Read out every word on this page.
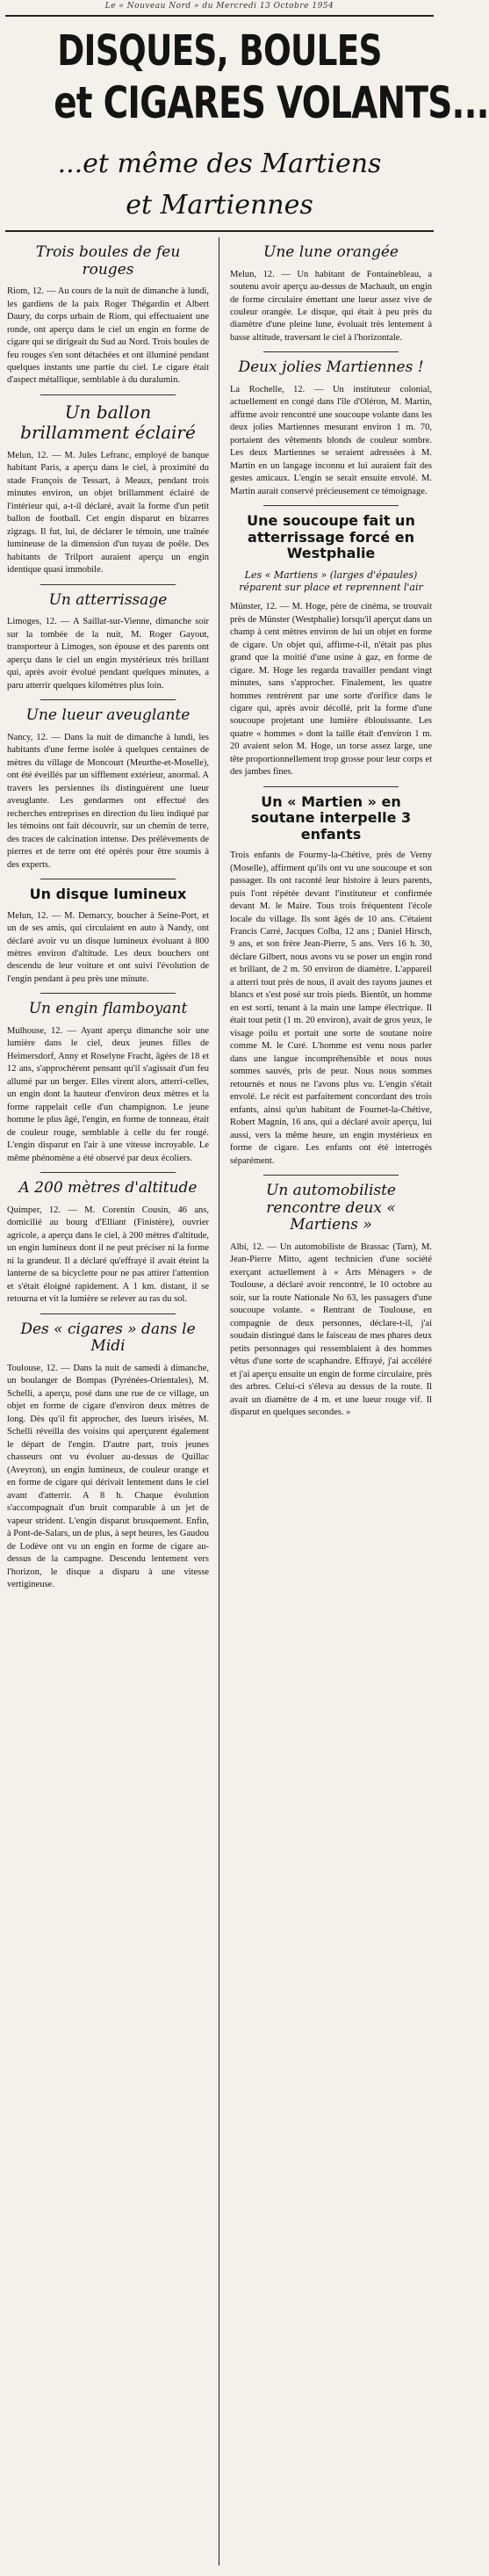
Le « Nouveau Nord » du Mercredi 13 Octobre 1954
DISQUES, BOULES
et CIGARES VOLANTS...
...et même des Martiens
et Martiennes
Trois boules de feu rouges
Riom, 12. — Au cours de la nuit de dimanche à lundi, les gardiens de la paix Roger Thégardin et Albert Daury, du corps urbain de Riom, qui effectuaient une ronde, ont aperçu dans le ciel un engin en forme de cigare qui se dirigeait du Sud au Nord. Trois boules de feu rouges s'en sont détachées et ont illuminé pendant quelques instants une partie du ciel. Le cigare était d'aspect métallique, semblable à du duralumin.
Un ballon brillamment éclairé
Melun, 12. — M. Jules Lefranc, employé de banque habitant Paris, a aperçu dans le ciel, à proximité du stade François de Tessart, à Meaux, pendant trois minutes environ, un objet brillamment éclairé de l'intérieur qui, a-t-il déclaré, avait la forme d'un petit ballon de football. Cet engin disparut en bizarres zigzags. Il fut, lui, de déclarer le témoin, une traînée lumineuse de la dimension d'un tuyau de poêle. Des habitants de Trilport auraient aperçu un engin identique quasi immobile.
Un atterrissage
Limoges, 12. — A Saillat-sur-Vienne, dimanche soir sur la tombée de la nuit, M. Roger Gayout, transporteur à Limoges, son épouse et des parents ont aperçu dans le ciel un engin mystérieux très brillant qui, après avoir évolué pendant quelques minutes, a paru atterrir quelques kilomètres plus loin.
Une lueur aveuglante
Nancy, 12. — Dans la nuit de dimanche à lundi, les habitants d'une ferme isolée à quelques centaines de mètres du village de Moncourt (Meurthe-et-Moselle), ont été éveillés par un sifflement extérieur, anormal. A travers les persiennes ils distinguèrent une lueur aveuglante. Les gendarmes ont effectué des recherches entreprises en direction du lieu indiqué par les témoins ont fait découvrir, sur un chemin de terre, des traces de calcination intense. Des prélèvements de pierres et de terre ont été opérés pour être soumis à des experts.
Un disque lumineux
Melun, 12. — M. Demarcy, boucher à Seine-Port, et un de ses amis, qui circulaient en auto à Nandy, ont déclaré avoir vu un disque lumineux évoluant à 800 mètres environ d'altitude. Les deux bouchers ont descendu de leur voiture et ont suivi l'évolution de l'engin pendant à peu près une minute.
Un engin flamboyant
Mulhouse, 12. — Ayant aperçu dimanche soir une lumière dans le ciel, deux jeunes filles de Heimersdorf, Anny et Roselyne Fracht, âgées de 18 et 12 ans, s'approchèrent pensant qu'il s'agissait d'un feu allumé par un berger. Elles virent alors, atterri-celles, un engin dont la hauteur d'environ deux mètres et la forme rappelait celle d'un champignon. Le jeune homme le plus âgé, l'engin, en forme de tonneau, était de couleur rouge, semblable à celle du fer rougé. L'engin disparut en l'air à une vitesse incroyable. Le même phénomène a été observé par deux écoliers.
A 200 mètres d'altitude
Quimper, 12. — M. Corentin Cousin, 46 ans, domicilié au bourg d'Elliant (Finistère), ouvrier agricole, a aperçu dans le ciel, à 200 mètres d'altitude, un engin lumineux dont il ne peut préciser ni la forme ni la grandeur. Il a déclaré qu'effrayé il avait éteint la lanterne de sa bicyclette pour ne pas attirer l'attention et s'était éloigné rapidement. A 1 km. distant, il se retourna et vit la lumière se relever au ras du sol.
Des « cigares » dans le Midi
Toulouse, 12. — Dans la nuit de samedi à dimanche, un boulanger de Bompas (Pyrénées-Orientales), M. Schelli, a aperçu, posé dans une rue de ce village, un objet en forme de cigare d'environ deux mètres de long. Dès qu'il fit approcher, des lueurs irisées, M. Schelli réveilla des voisins qui aperçurent également le départ de l'engin. D'autre part, trois jeunes chasseurs ont vu évoluer au-dessus de Quillac (Aveyron), un engin lumineux, de couleur orange et en forme de cigare qui dérivait lentement dans le ciel avant d'atterrir. A 8 h. Chaque évolution s'accompagnait d'un bruit comparable à un jet de vapeur strident. L'engin disparut brusquement. Enfin, à Pont-de-Salars, un de plus, à sept heures, les Gaudou de Lodève ont vu un engin en forme de cigare au-dessus de la campagne. Descendu lentement vers l'horizon, le disque a disparu à une vitesse vertigineuse.
Une lune orangée
Melun, 12. — Un habitant de Fontainebleau, a soutenu avoir aperçu au-dessus de Machault, un engin de forme circulaire émettant une lueur assez vive de couleur orangée. Le disque, qui était à peu près du diamètre d'une pleine lune, évoluait très lentement à basse altitude, traversant le ciel à l'horizontale.
Deux jolies Martiennes !
La Rochelle, 12. — Un instituteur colonial, actuellement en congé dans l'île d'Oléron, M. Martin, affirme avoir rencontré une soucoupe volante dans les deux jolies Martiennes mesurant environ 1 m. 70, portaient des vêtements blonds de couleur sombre. Les deux Martiennes se seraient adressées à M. Martin en un langage inconnu et lui auraient fait des gestes amicaux. L'engin se serait ensuite envolé. M. Martin aurait conservé précieusement ce témoignage.
Une soucoupe fait un atterrissage forcé en Westphalie
Les « Martiens » (larges d'épaules) réparent sur place et reprennent l'air
Münster, 12. — M. Hoge, père de cinéma, se trouvait près de Münster (Westphalie) lorsqu'il aperçut dans un champ à cent mètres environ de lui un objet en forme de cigare. Un objet qui, affirme-t-il, n'était pas plus grand que la moitié d'une usine à gaz, en forme de cigare. M. Hoge les regarda travailler pendant vingt minutes, sans s'approcher. Finalement, les quatre hommes rentrèrent par une sorte d'orifice dans le cigare qui, après avoir décollé, prit la forme d'une soucoupe projetant une lumière éblouissante. Les quatre « hommes » dont la taille était d'environ 1 m. 20 avaient selon M. Hoge, un torse assez large, une tête proportionnellement trop grosse pour leur corps et des jambes fines.
Un « Martien » en soutane interpelle 3 enfants
Trois enfants de Fourmy-la-Chétive, près de Verny (Moselle), affirment qu'ils ont vu une soucoupe et son passager. Ils ont raconté leur histoire à leurs parents, puis l'ont répétée devant l'instituteur et confirmée devant M. le Maire. Tous trois fréquentent l'école locale du village. Ils sont âgés de 10 ans. C'étaient Francis Carré, Jacques Colba, 12 ans ; Daniel Hirsch, 9 ans, et son frère Jean-Pierre, 5 ans. Vers 16 h. 30, déclare Gilbert, nous avons vu se poser un engin rond et brillant, de 2 m. 50 environ de diamètre. L'appareil a atterri tout près de nous, il avait des rayons jaunes et blancs et s'est posé sur trois pieds. Bientôt, un homme en est sorti, tenant à la main une lampe électrique. Il était tout petit (1 m. 20 environ), avait de gros yeux, le visage poilu et portait une sorte de soutane noire comme M. le Curé. L'homme est venu nous parler dans une langue incompréhensible et nous nous sommes sauvés, pris de peur. Nous nous sommes retournés et nous ne l'avons plus vu. L'engin s'était envolé. Le récit est parfaitement concordant des trois enfants, ainsi qu'un habitant de Fournet-la-Chétive, Robert Magnin, 16 ans, qui a déclaré avoir aperçu, lui aussi, vers la même heure, un engin mystérieux en forme de cigare. Les enfants ont été interrogés séparément.
Un automobiliste rencontre deux « Martiens »
Albi, 12. — Un automobiliste de Brassac (Tarn), M. Jean-Pierre Mitto, agent technicien d'une société exerçant actuellement à « Arts Ménagers » de Toulouse, a déclaré avoir rencontré, le 10 octobre au soir, sur la route Nationale No 63, les passagers d'une soucoupe volante. « Rentrant de Toulouse, en compagnie de deux personnes, déclare-t-il, j'ai soudain distingué dans le faisceau de mes phares deux petits personnages qui ressemblaient à des hommes vêtus d'une sorte de scaphandre. Effrayé, j'ai accéléré et j'ai aperçu ensuite un engin de forme circulaire, près des arbres. Celui-ci s'éleva au dessus de la route. Il avait un diamètre de 4 m. et une lueur rouge vif. Il disparut en quelques secondes. »
